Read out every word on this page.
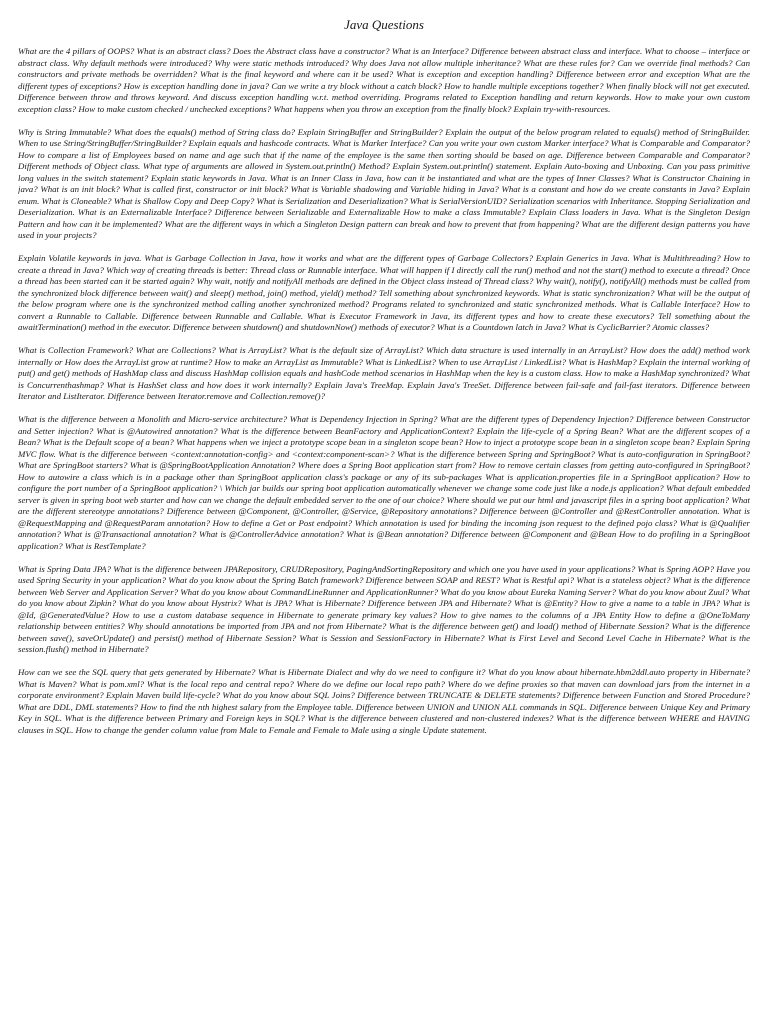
Java Questions

What are the 4 pillars of OOPS? What is an abstract class? Does the Abstract class have a constructor? What is an Interface? Difference between abstract class and interface. What to choose – interface or abstract class. Why default methods were introduced? Why were static methods introduced? Why does Java not allow multiple inheritance? What are these rules for? Can we override final methods? Can constructors and private methods be overridden? What is the final keyword and where can it be used? What is exception and exception handling? Difference between error and exception What are the different types of exceptions? How is exception handling done in java? Can we write a try block without a catch block? How to handle multiple exceptions together? When finally block will not get executed. Difference between throw and throws keyword. And discuss exception handling w.r.t. method overriding. Programs related to Exception handling and return keywords. How to make your own custom exception class? How to make custom checked / unchecked exceptions? What happens when you throw an exception from the finally block? Explain try-with-resources.

Why is String Immutable? What does the equals() method of String class do? Explain StringBuffer and StringBuilder? Explain the output of the below program related to equals() method of StringBuilder. When to use String/StringBuffer/StringBuilder? Explain equals and hashcode contracts. What is Marker Interface? Can you write your own custom Marker interface? What is Comparable and Comparator? How to compare a list of Employees based on name and age such that if the name of the employee is the same then sorting should be based on age. Difference between Comparable and Comparator? Different methods of Object class. What type of arguments are allowed in System.out.println() Method? Explain System.out.println() statement. Explain Auto-boxing and Unboxing. Can you pass primitive long values in the switch statement? Explain static keywords in Java. What is an Inner Class in Java, how can it be instantiated and what are the types of Inner Classes? What is Constructor Chaining in java? What is an init block? What is called first, constructor or init block? What is Variable shadowing and Variable hiding in Java? What is a constant and how do we create constants in Java? Explain enum. What is Cloneable? What is Shallow Copy and Deep Copy? What is Serialization and Deserialization? What is SerialVersionUID? Serialization scenarios with Inheritance. Stopping Serialization and Deserialization. What is an Externalizable Interface? Difference between Serializable and Externalizable How to make a class Immutable? Explain Class loaders in Java. What is the Singleton Design Pattern and how can it be implemented? What are the different ways in which a Singleton Design pattern can break and how to prevent that from happening? What are the different design patterns you have used in your projects?

Explain Volatile keywords in java. What is Garbage Collection in Java, how it works and what are the different types of Garbage Collectors? Explain Generics in Java. What is Multithreading? How to create a thread in Java? Which way of creating threads is better: Thread class or Runnable interface. What will happen if I directly call the run() method and not the start() method to execute a thread? Once a thread has been started can it be started again? Why wait, notify and notifyAll methods are defined in the Object class instead of Thread class? Why wait(), notify(), notifyAll() methods must be called from the synchronized block difference between wait() and sleep() method, join() method, yield() method? Tell something about synchronized keywords. What is static synchronization? What will be the output of the below program where one is the synchronized method calling another synchronized method? Programs related to synchronized and static synchronized methods. What is Callable Interface? How to convert a Runnable to Callable. Difference between Runnable and Callable. What is Executor Framework in Java, its different types and how to create these executors? Tell something about the awaitTermination() method in the executor. Difference between shutdown() and shutdownNow() methods of executor? What is a Countdown latch in Java? What is CyclicBarrier? Atomic classes?

What is Collection Framework? What are Collections? What is ArrayList? What is the default size of ArrayList? Which data structure is used internally in an ArrayList? How does the add() method work internally or How does the ArrayList grow at runtime? How to make an ArrayList as Immutable? What is LinkedList? When to use ArrayList / LinkedList? What is HashMap? Explain the internal working of put() and get() methods of HashMap class and discuss HashMap collision equals and hashCode method scenarios in HashMap when the key is a custom class. How to make a HashMap synchronized? What is Concurrenthashmap? What is HashSet class and how does it work internally? Explain Java's TreeMap. Explain Java's TreeSet. Difference between fail-safe and fail-fast iterators. Difference between Iterator and ListIterator. Difference between Iterator.remove and Collection.remove()?

What is the difference between a Monolith and Micro-service architecture? What is Dependency Injection in Spring? What are the different types of Dependency Injection? Difference between Constructor and Setter injection? What is @Autowired annotation? What is the difference between BeanFactory and ApplicationContext? Explain the life-cycle of a Spring Bean? What are the different scopes of a Bean? What is the Default scope of a bean? What happens when we inject a prototype scope bean in a singleton scope bean? How to inject a prototype scope bean in a singleton scope bean? Explain Spring MVC flow. What is the difference between <context:annotation-config> and <context:component-scan>? What is the difference between Spring and SpringBoot? What is auto-configuration in SpringBoot? What are SpringBoot starters? What is @SpringBootApplication Annotation? Where does a Spring Boot application start from? How to remove certain classes from getting auto-configured in SpringBoot? How to autowire a class which is in a package other than SpringBoot application class's package or any of its sub-packages What is application.properties file in a SpringBoot application? How to configure the port number of a SpringBoot application? \ Which jar builds our spring boot application automatically whenever we change some code just like a node.js application? What default embedded server is given in spring boot web starter and how can we change the default embedded server to the one of our choice? Where should we put our html and javascript files in a spring boot application? What are the different stereotype annotations? Difference between @Component, @Controller, @Service, @Repository annotations? Difference between @Controller and @RestController annotation. What is @RequestMapping and @RequestParam annotation? How to define a Get or Post endpoint? Which annotation is used for binding the incoming json request to the defined pojo class? What is @Qualifier annotation? What is @Transactional annotation? What is @ControllerAdvice annotation? What is @Bean annotation? Difference between @Component and @Bean How to do profiling in a SpringBoot application? What is RestTemplate?

What is Spring Data JPA? What is the difference between JPARepository, CRUDRepository, PagingAndSortingRepository and which one you have used in your applications? What is Spring AOP? Have you used Spring Security in your application? What do you know about the Spring Batch framework? Difference between SOAP and REST? What is Restful api? What is a stateless object? What is the difference between Web Server and Application Server? What do you know about CommandLineRunner and ApplicationRunner? What do you know about Eureka Naming Server? What do you know about Zuul? What do you know about Zipkin? What do you know about Hystrix? What is JPA? What is Hibernate? Difference between JPA and Hibernate? What is @Entity? How to give a name to a table in JPA? What is @Id, @GeneratedValue? How to use a custom database sequence in Hibernate to generate primary key values? How to give names to the columns of a JPA Entity How to define a @OneToMany relationship between entities? Why should annotations be imported from JPA and not from Hibernate? What is the difference between get() and load() method of Hibernate Session? What is the difference between save(), saveOrUpdate() and persist() method of Hibernate Session? What is Session and SessionFactory in Hibernate? What is First Level and Second Level Cache in Hibernate? What is the session.flush() method in Hibernate?

How can we see the SQL query that gets generated by Hibernate? What is Hibernate Dialect and why do we need to configure it? What do you know about hibernate.hbm2ddl.auto property in Hibernate? What is Maven? What is pom.xml? What is the local repo and central repo? Where do we define our local repo path? Where do we define proxies so that maven can download jars from the internet in a corporate environment? Explain Maven build life-cycle? What do you know about SQL Joins? Difference between TRUNCATE & DELETE statements? Difference between Function and Stored Procedure? What are DDL, DML statements? How to find the nth highest salary from the Employee table. Difference between UNION and UNION ALL commands in SQL. Difference between Unique Key and Primary Key in SQL. What is the difference between Primary and Foreign keys in SQL? What is the difference between clustered and non-clustered indexes? What is the difference between WHERE and HAVING clauses in SQL. How to change the gender column value from Male to Female and Female to Male using a single Update statement.
